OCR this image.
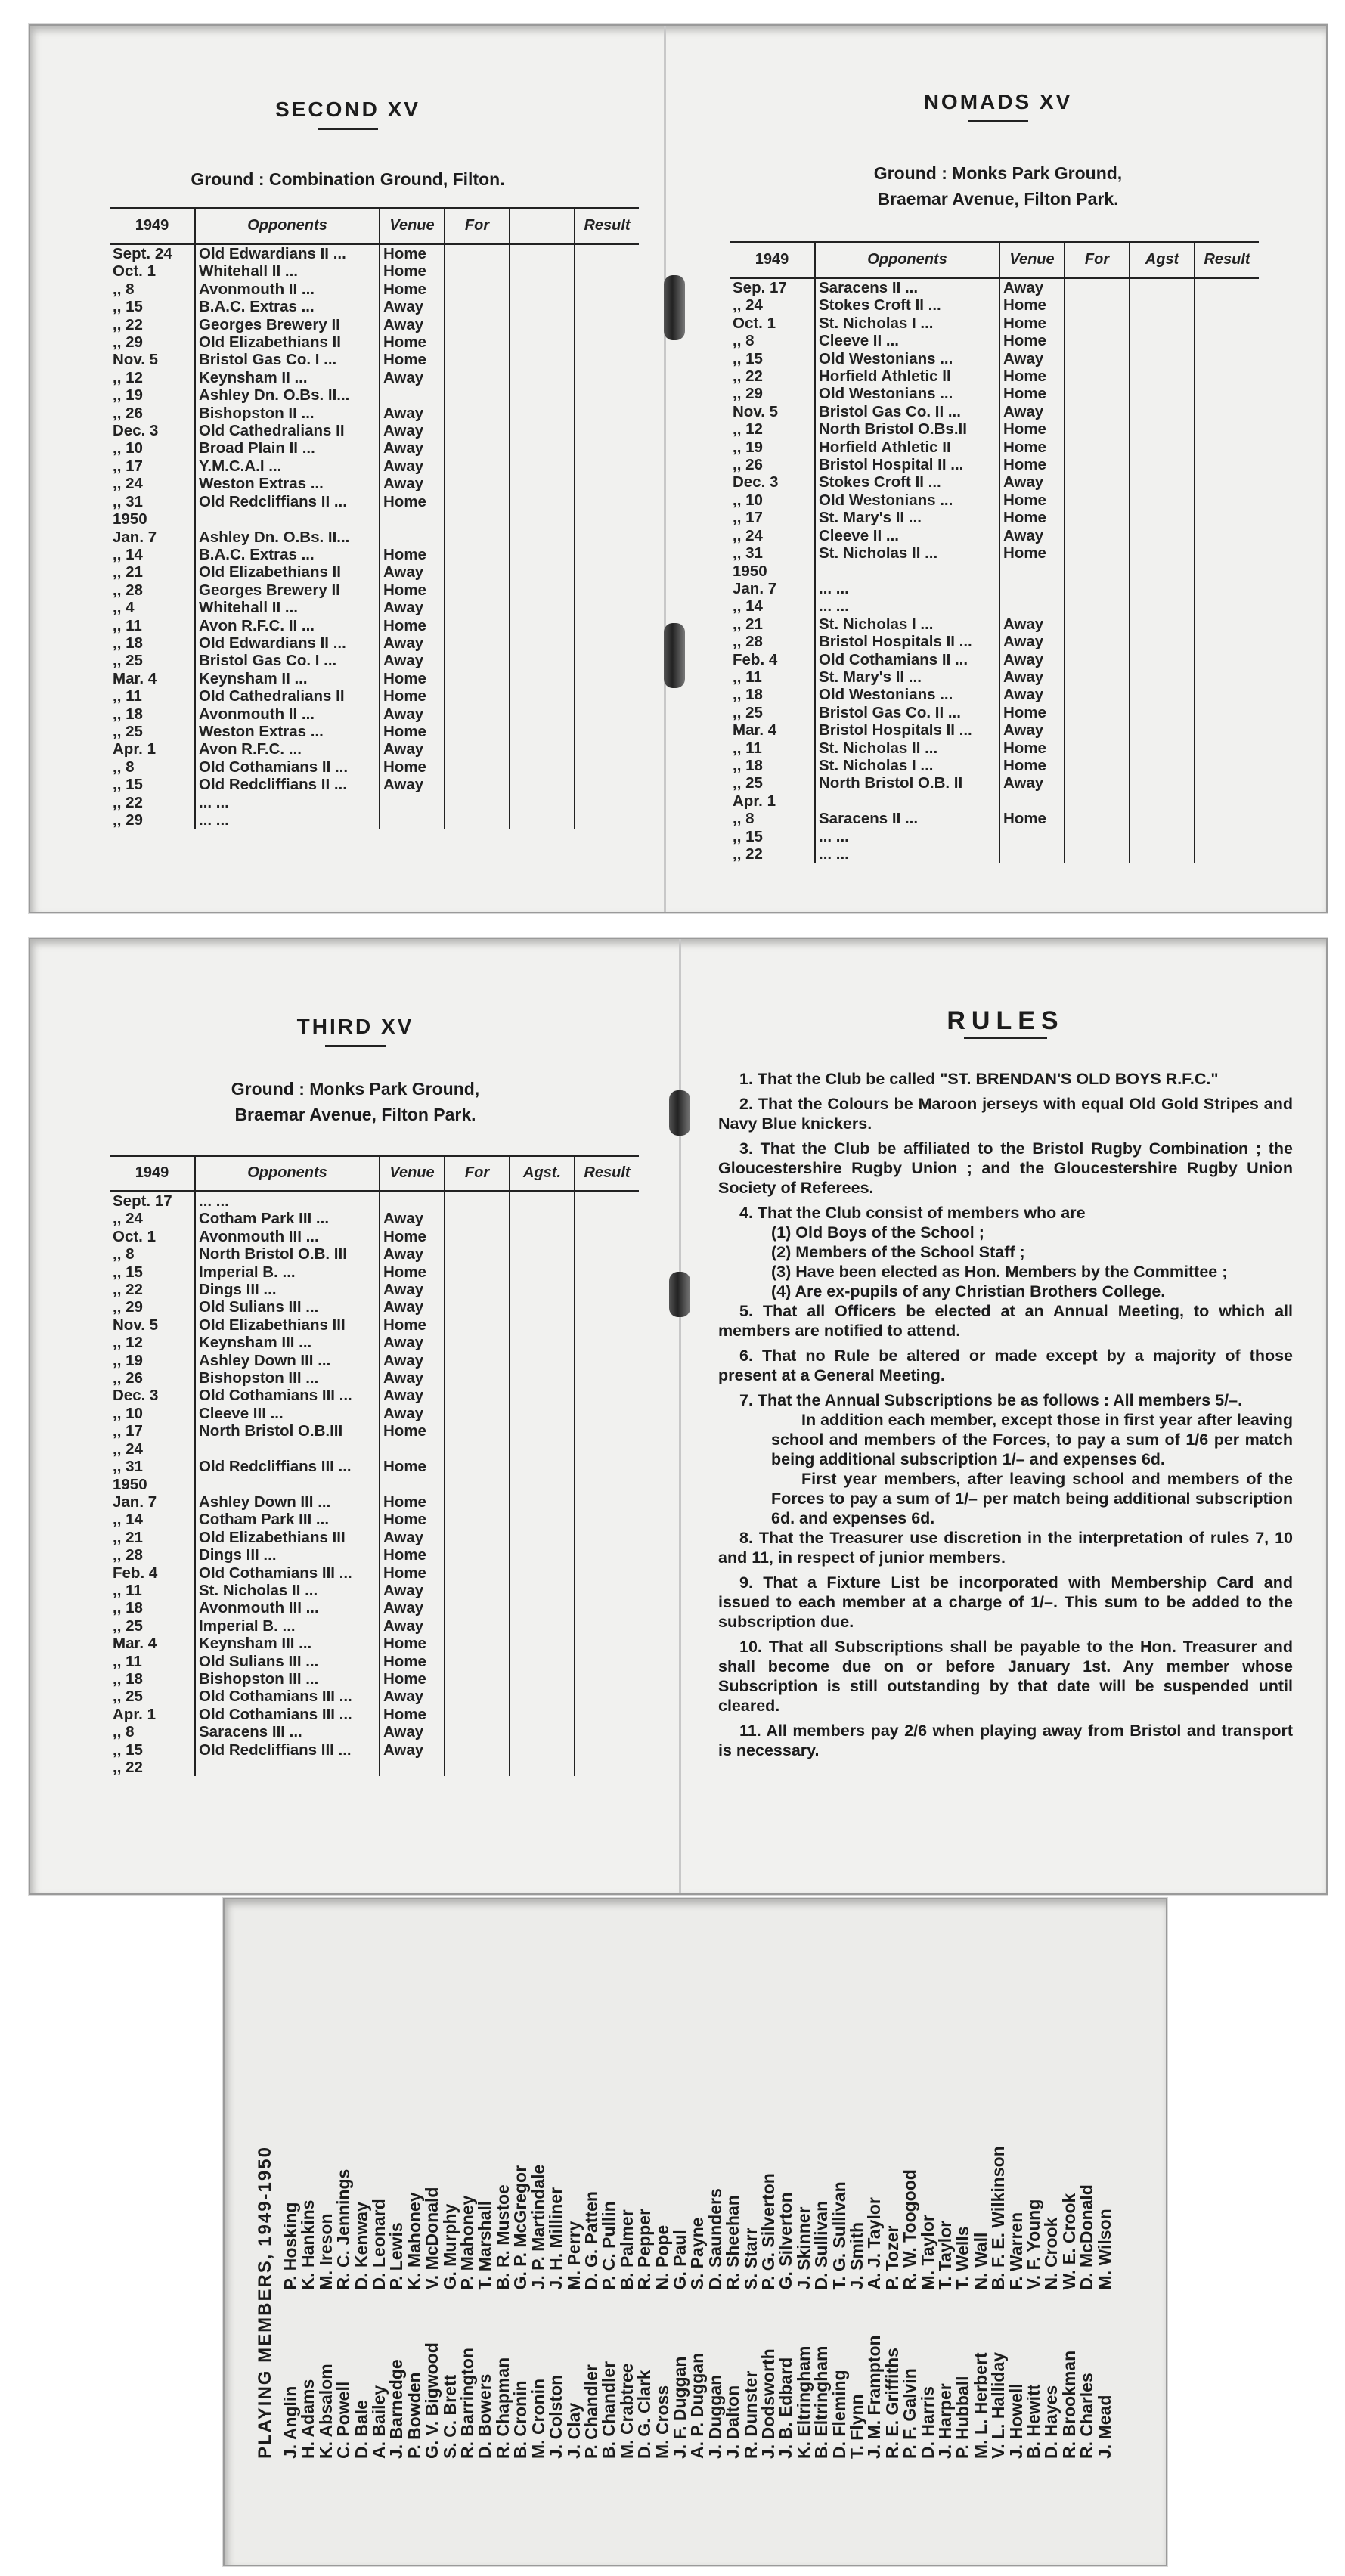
SECOND XV
Ground : Combination Ground, Filton.
1949	Opponents	Venue	For		Result
Sept. 24	Old Edwardians II ...	Home			
Oct. 1	Whitehall II ...	Home			
,, 8	Avonmouth II ...	Home			
,, 15	B.A.C. Extras ...	Away			
,, 22	Georges Brewery II	Away			
,, 29	Old Elizabethians II	Home			
Nov. 5	Bristol Gas Co. I ...	Home			
,, 12	Keynsham II ...	Away			
,, 19	Ashley Dn. O.Bs. II...				
,, 26	Bishopston II ...	Away			
Dec. 3	Old Cathedralians II	Away			
,, 10	Broad Plain II ...	Away			
,, 17	Y.M.C.A.I ...	Away			
,, 24	Weston Extras ...	Away			
,, 31	Old Redcliffians II ...	Home			
1950					
Jan. 7	Ashley Dn. O.Bs. II...				
,, 14	B.A.C. Extras ...	Home			
,, 21	Old Elizabethians II	Away			
,, 28	Georges Brewery II	Home			
,, 4	Whitehall II ...	Away			
,, 11	Avon R.F.C. II ...	Home			
,, 18	Old Edwardians II ...	Away			
,, 25	Bristol Gas Co. I ...	Away			
Mar. 4	Keynsham II ...	Home			
,, 11	Old Cathedralians II	Home			
,, 18	Avonmouth II ...	Away			
,, 25	Weston Extras ...	Home			
Apr. 1	Avon R.F.C. ...	Away			
,, 8	Old Cothamians II ...	Home			
,, 15	Old Redcliffians II ...	Away			
,, 22	... ...				
,, 29	... ...				
NOMADS XV
Ground : Monks Park Ground,
Braemar Avenue, Filton Park.
1949	Opponents	Venue	For	Agst	Result
Sep. 17	Saracens II ...	Away			
,, 24	Stokes Croft II ...	Home			
Oct. 1	St. Nicholas I ...	Home			
,, 8	Cleeve II ...	Home			
,, 15	Old Westonians ...	Away			
,, 22	Horfield Athletic II	Home			
,, 29	Old Westonians ...	Home			
Nov. 5	Bristol Gas Co. II ...	Away			
,, 12	North Bristol O.Bs.II	Home			
,, 19	Horfield Athletic II	Home			
,, 26	Bristol Hospital II ...	Home			
Dec. 3	Stokes Croft II ...	Away			
,, 10	Old Westonians ...	Home			
,, 17	St. Mary's II ...	Home			
,, 24	Cleeve II ...	Away			
,, 31	St. Nicholas II ...	Home			
1950					
Jan. 7	... ...				
,, 14	... ...				
,, 21	St. Nicholas I ...	Away			
,, 28	Bristol Hospitals II ...	Away			
Feb. 4	Old Cothamians II ...	Away			
,, 11	St. Mary's II ...	Away			
,, 18	Old Westonians ...	Away			
,, 25	Bristol Gas Co. II ...	Home			
Mar. 4	Bristol Hospitals II ...	Away			
,, 11	St. Nicholas II ...	Home			
,, 18	St. Nicholas I ...	Home			
,, 25	North Bristol O.B. II	Away			
Apr. 1					
,, 8	Saracens II ...	Home			
,, 15	... ...				
,, 22	... ...				
THIRD XV
Ground : Monks Park Ground,
Braemar Avenue, Filton Park.
1949	Opponents	Venue	For	Agst.	Result
Sept. 17	... ...				
,, 24	Cotham Park III ...	Away			
Oct. 1	Avonmouth III ...	Home			
,, 8	North Bristol O.B. III	Away			
,, 15	Imperial B. ...	Home			
,, 22	Dings III ...	Away			
,, 29	Old Sulians III ...	Away			
Nov. 5	Old Elizabethians III	Home			
,, 12	Keynsham III ...	Away			
,, 19	Ashley Down III ...	Away			
,, 26	Bishopston III ...	Away			
Dec. 3	Old Cothamians III ...	Away			
,, 10	Cleeve III ...	Away			
,, 17	North Bristol O.B.III	Home			
,, 24					
,, 31	Old Redcliffians III ...	Home			
1950					
Jan. 7	Ashley Down III ...	Home			
,, 14	Cotham Park III ...	Home			
,, 21	Old Elizabethians III	Away			
,, 28	Dings III ...	Home			
Feb. 4	Old Cothamians III ...	Home			
,, 11	St. Nicholas II ...	Away			
,, 18	Avonmouth III ...	Away			
,, 25	Imperial B. ...	Away			
Mar. 4	Keynsham III ...	Home			
,, 11	Old Sulians III ...	Home			
,, 18	Bishopston III ...	Home			
,, 25	Old Cothamians III ...	Away			
Apr. 1	Old Cothamians III ...	Home			
,, 8	Saracens III ...	Away			
,, 15	Old Redcliffians III ...	Away			
,, 22					
RULES

1. That the Club be called "ST. BRENDAN'S OLD BOYS R.F.C."

2. That the Colours be Maroon jerseys with equal Old Gold Stripes and Navy Blue knickers.

3. That the Club be affiliated to the Bristol Rugby Combination ; the Gloucestershire Rugby Union ; and the Gloucestershire Rugby Union Society of Referees.

4. That the Club consist of members who are

(1) Old Boys of the School ;

(2) Members of the School Staff ;

(3) Have been elected as Hon. Members by the Committee ;

(4) Are ex-pupils of any Christian Brothers College.

5. That all Officers be elected at an Annual Meeting, to which all members are notified to attend.

6. That no Rule be altered or made except by a majority of those present at a General Meeting.

7. That the Annual Subscriptions be as follows : All members 5/–.

In addition each member, except those in first year after leaving school and members of the Forces, to pay a sum of 1/6 per match being additional subscription 1/– and expenses 6d.

First year members, after leaving school and members of the Forces to pay a sum of 1/– per match being additional subscription 6d. and expenses 6d.

8. That the Treasurer use discretion in the interpretation of rules 7, 10 and 11, in respect of junior members.

9. That a Fixture List be incorporated with Membership Card and issued to each member at a charge of 1/–. This sum to be added to the subscription due.

10. That all Subscriptions shall be payable to the Hon. Treasurer and shall become due on or before January 1st. Any member whose Subscription is still outstanding by that date will be suspended until cleared.

11. All members pay 2/6 when playing away from Bristol and transport is necessary.

PLAYING MEMBERS, 1949-1950 J. Anglin
H. Adams
K. Absalom
C. Powell
D. Bale
A. Bailey
J. Barnedge
P. Bowden
G. V. Bigwood
S. C. Brett
R. Barrington
D. Bowers
R. Chapman
B. Cronin
M. Cronin
J. Colston
J. Clay
P. Chandler
B. Chandler
M. Crabtree
D. G. Clark
M. Cross
J. F. Duggan
A. P. Duggan
J. Duggan
J. Dalton
R. Dunster
J. Dodsworth
J. B. Edbard
K. Eltringham
B. Eltringham
D. Fleming
T. Flynn
J. M. Frampton
R. E. Griffiths
P. F. Galvin
D. Harris
J. Harper
P. Hubball
M. L. Herbert
V. L. Halliday
J. Howell
B. Hewitt
D. Hayes
R. Brookman
R. Charles
J. Mead
P. Hosking
K. Hankins
M. Ireson
R. C. Jennings
D. Kenway
D. Leonard
P. Lewis
K. Mahoney
V. McDonald
G. Murphy
P. Mahoney
T. Marshall
B. R. Mustoe
G. P. McGregor
J. P. Martindale
J. H. Milliner
M. Perry
D. G. Patten
P. C. Pullin
B. Palmer
R. Pepper
N. Pope
G. Paul
S. Payne
D. Saunders
R. Sheehan
S. Starr
P. G. Silverton
G. Silverton
J. Skinner
D. Sullivan
T. G. Sullivan
J. Smith
A. J. Taylor
P. Tozer
R. W. Toogood
M. Taylor
T. Taylor
T. Wells
N. Wall
B. F. E. Wilkinson
F. Warren
V. F. Young
N. Crook
W. E. Crook
D. McDonald
M. Wilson
